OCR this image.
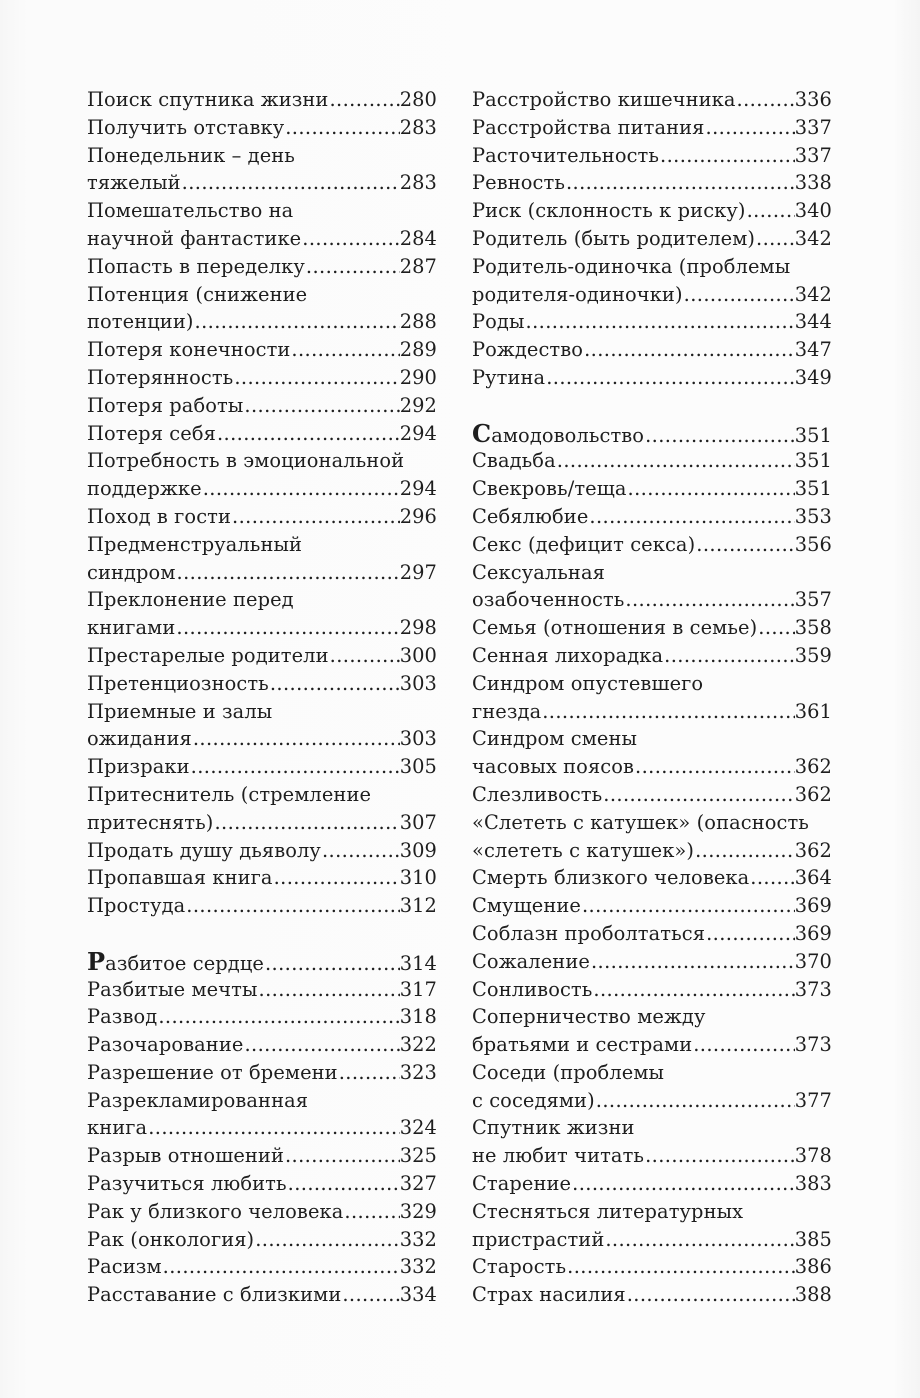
Поиск спутника жизни .....	280
Получить отставку .....	283
Понедельник – день
тяжелый .....	283
Помешательство на
научной фантастике .....	284
Попасть в переделку .....	287
Потенция (снижение
потенции) .....	288
Потеря конечности .....	289
Потерянность .....	290
Потеря работы .....	292
Потеря себя .....	294
Потребность в эмоциональной
поддержке .....	294
Поход в гости .....	296
Предменструальный
синдром .....	297
Преклонение перед
книгами .....	298
Престарелые родители .....	300
Претенциозность .....	303
Приемные и залы
ожидания .....	303
Призраки .....	305
Притеснитель (стремление
притеснять) .....	307
Продать душу дьяволу .....	309
Пропавшая книга .....	310
Простуда .....	312
Разбитое сердце .....	314
Разбитые мечты .....	317
Развод .....	318
Разочарование .....	322
Разрешение от бремени .....	323
Разрекламированная
книга .....	324
Разрыв отношений .....	325
Разучиться любить .....	327
Рак у близкого человека .....	329
Рак (онкология) .....	332
Расизм .....	332
Расставание с близкими .....	334
Расстройство кишечника .....	336
Расстройства питания .....	337
Расточительность .....	337
Ревность .....	338
Риск (склонность к риску) .....	340
Родитель (быть родителем) ..... 342
Родитель-одиночка (проблемы
родителя-одиночки) .....	342
Роды .....	344
Рождество .....	347
Рутина .....	349
Самодовольство .....	351
Свадьба .....	351
Свекровь/теща .....	351
Себялюбие .....	353
Секс (дефицит секса) .....	356
Сексуальная
озабоченность .....	357
Семья (отношения в семье) ..... 358
Сенная лихорадка .....	359
Синдром опустевшего
гнезда .....	361
Синдром смены
часовых поясов .....	362
Слезливость .....	362
«Слететь с катушек» (опасность
«слететь с катушек») .....	362
Смерть близкого человека ..... 364
Смущение .....	369
Соблазн проболтаться .....	369
Сожаление .....	370
Сонливость .....	373
Соперничество между
братьями и сестрами .....	373
Соседи (проблемы
с соседями) .....	377
Спутник жизни
не любит читать .....	378
Старение .....	383
Стесняться литературных
пристрастий .....	385
Старость .....	386
Страх насилия .....	388
